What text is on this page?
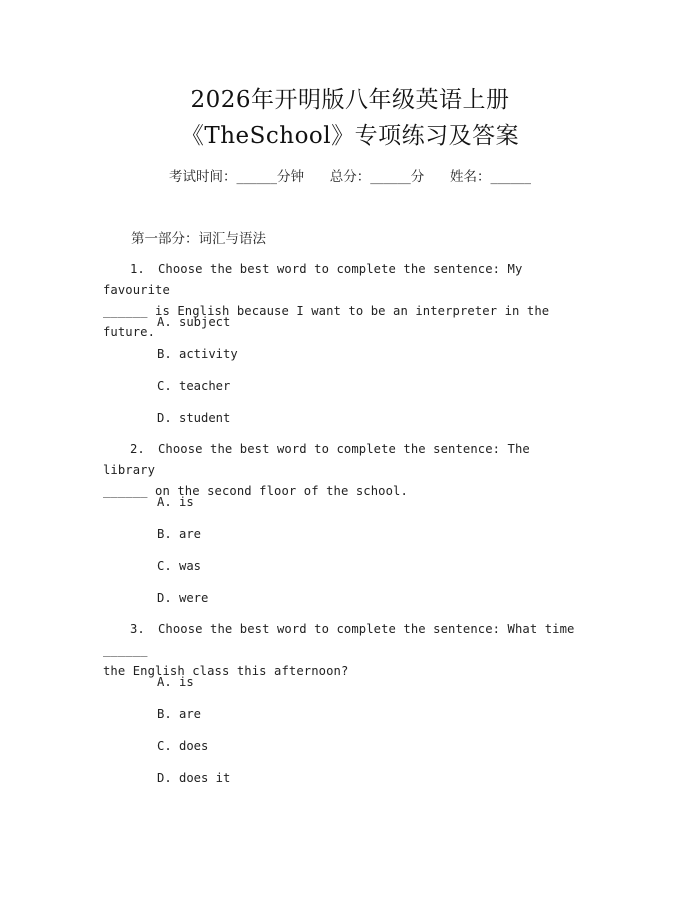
2026年开明版八年级英语上册
《TheSchool》专项练习及答案
考试时间：______分钟 总分：______分 姓名：______
第一部分：词汇与语法
1. Choose the best word to complete the sentence: My favourite
______ is English because I want to be an interpreter in the future.
A. subject
B. activity
C. teacher
D. student
2. Choose the best word to complete the sentence: The library
______ on the second floor of the school.
A. is
B. are
C. was
D. were
3. Choose the best word to complete the sentence: What time ______
the English class this afternoon?
A. is
B. are
C. does
D. does it
